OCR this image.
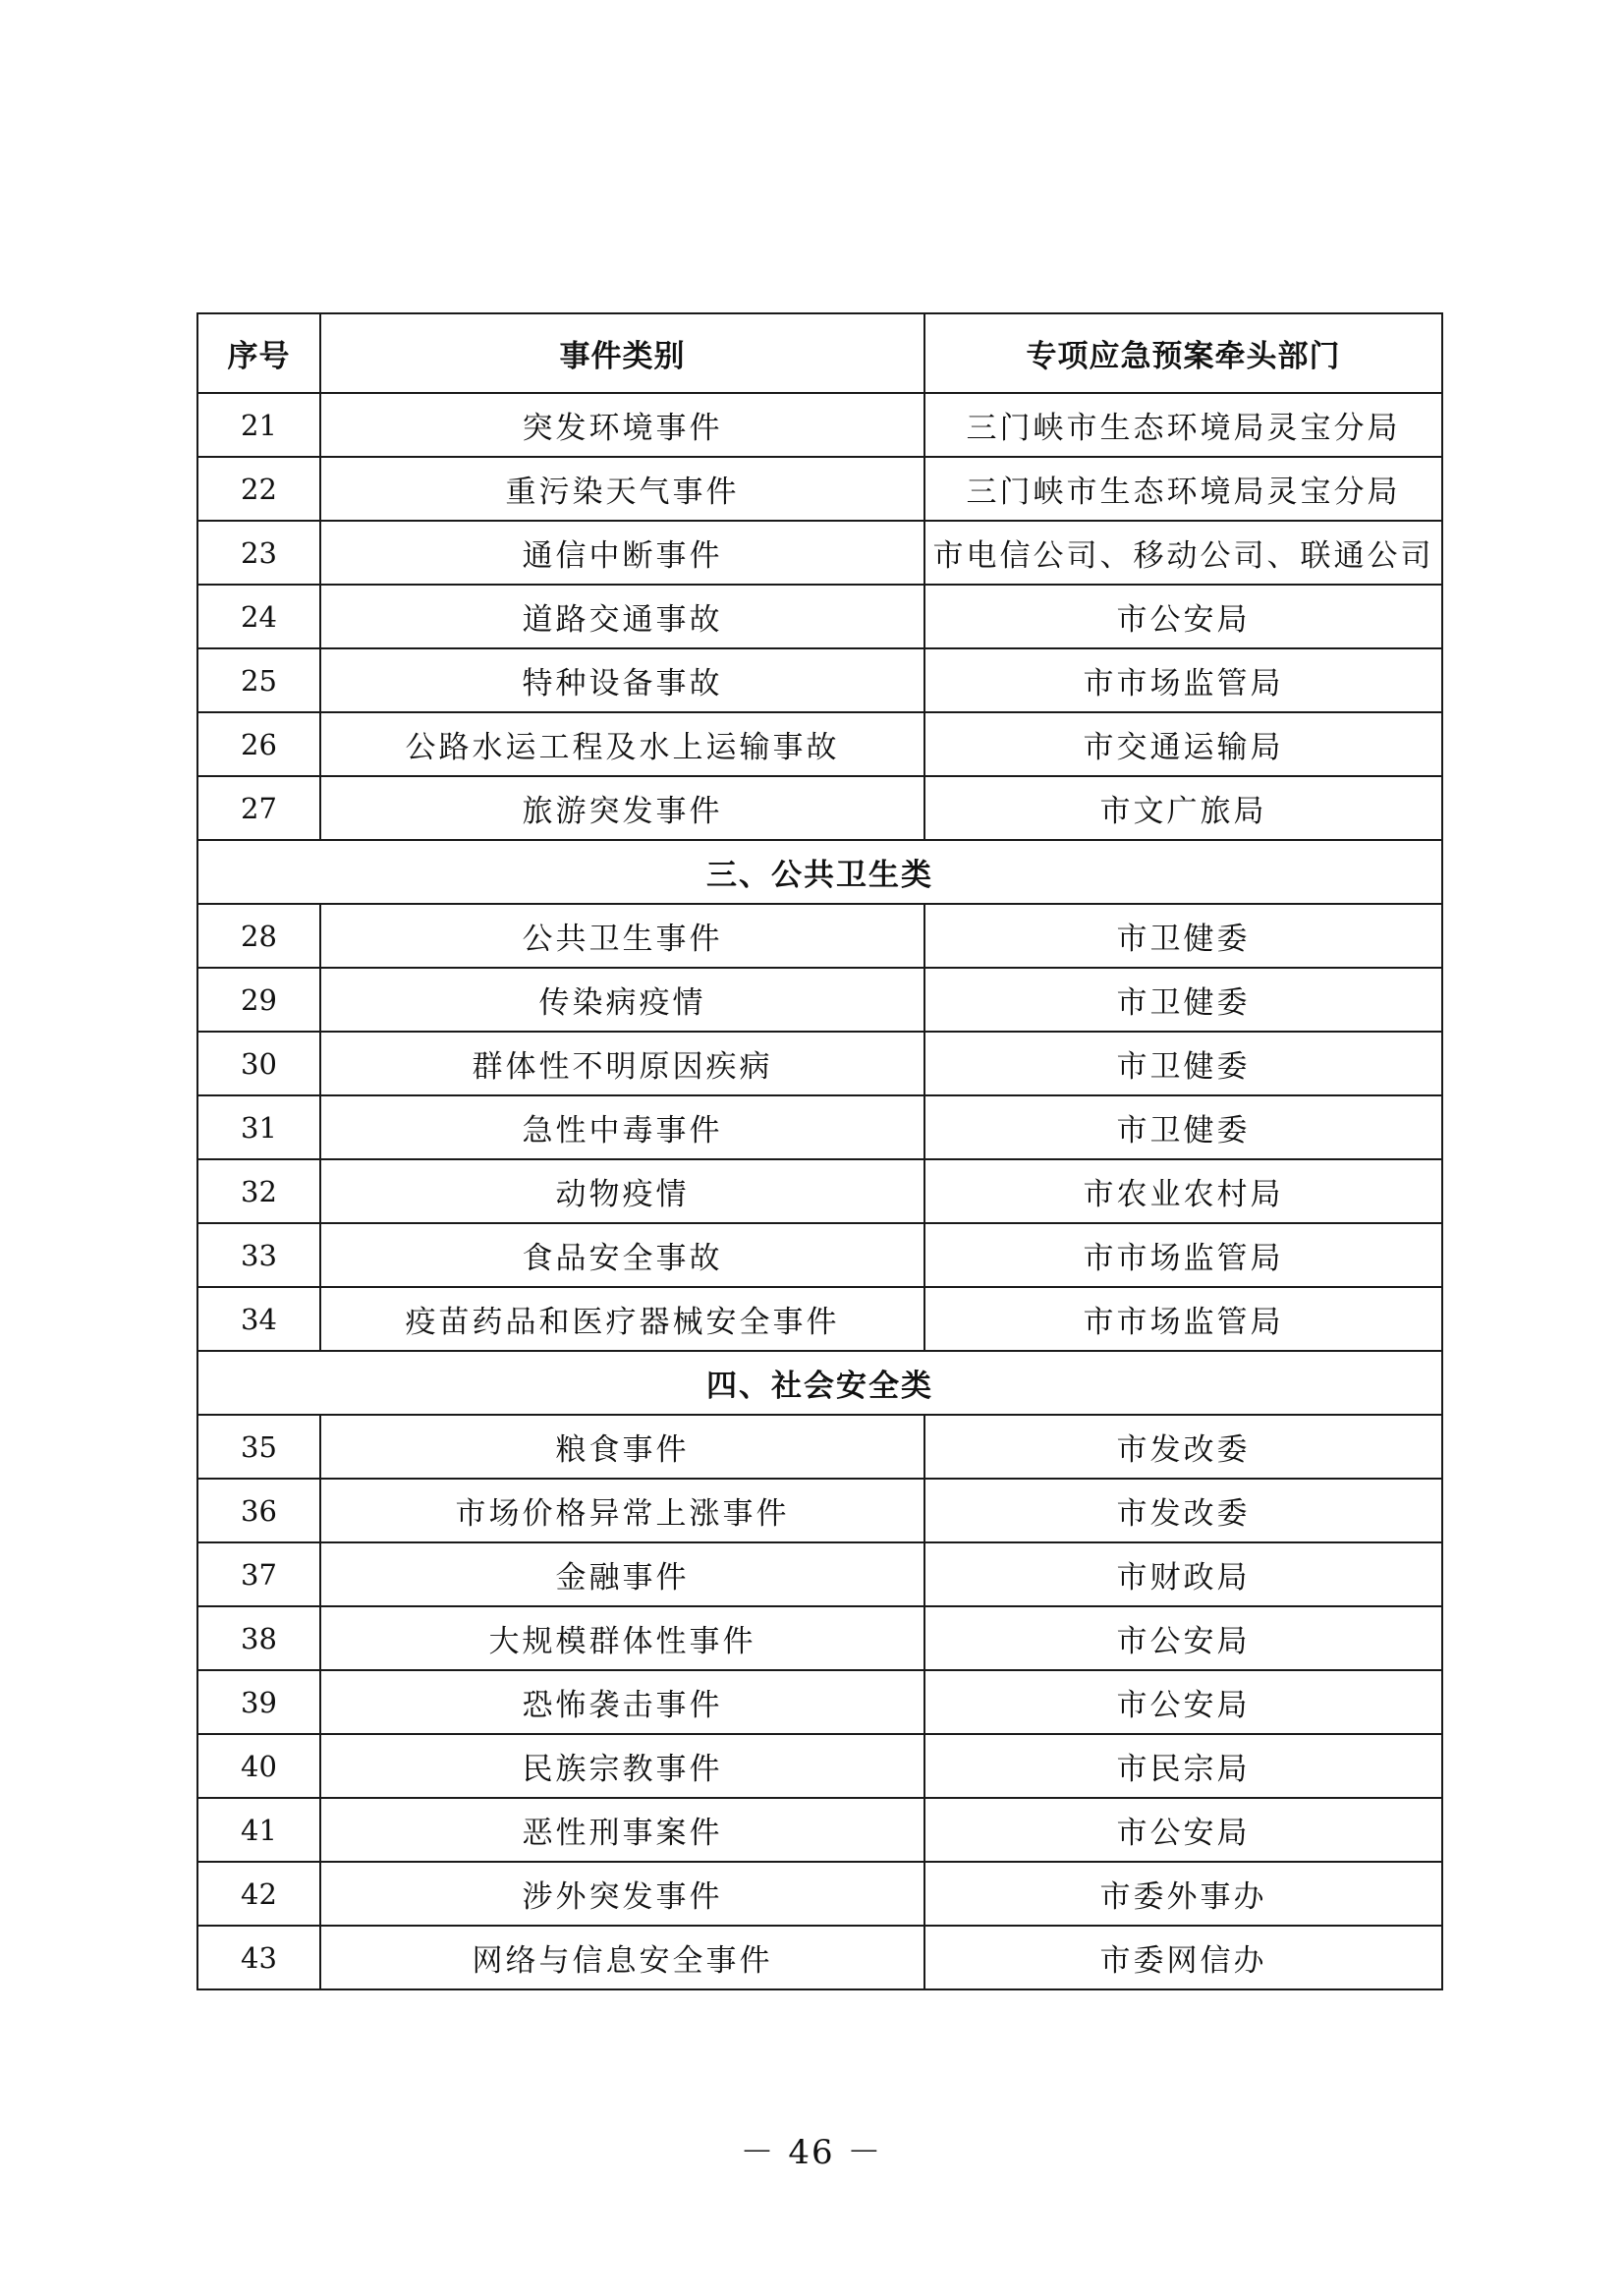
序号	事件类别	专项应急预案牵头部门
21	突发环境事件	三门峡市生态环境局灵宝分局
22	重污染天气事件	三门峡市生态环境局灵宝分局
23	通信中断事件	市电信公司、移动公司、联通公司
24	道路交通事故	市公安局
25	特种设备事故	市市场监管局
26	公路水运工程及水上运输事故	市交通运输局
27	旅游突发事件	市文广旅局
三、公共卫生类		
28	公共卫生事件	市卫健委
29	传染病疫情	市卫健委
30	群体性不明原因疾病	市卫健委
31	急性中毒事件	市卫健委
32	动物疫情	市农业农村局
33	食品安全事故	市市场监管局
34	疫苗药品和医疗器械安全事件	市市场监管局
四、社会安全类		
35	粮食事件	市发改委
36	市场价格异常上涨事件	市发改委
37	金融事件	市财政局
38	大规模群体性事件	市公安局
39	恐怖袭击事件	市公安局
40	民族宗教事件	市民宗局
41	恶性刑事案件	市公安局
42	涉外突发事件	市委外事办
43	网络与信息安全事件	市委网信办
－ 46 －
